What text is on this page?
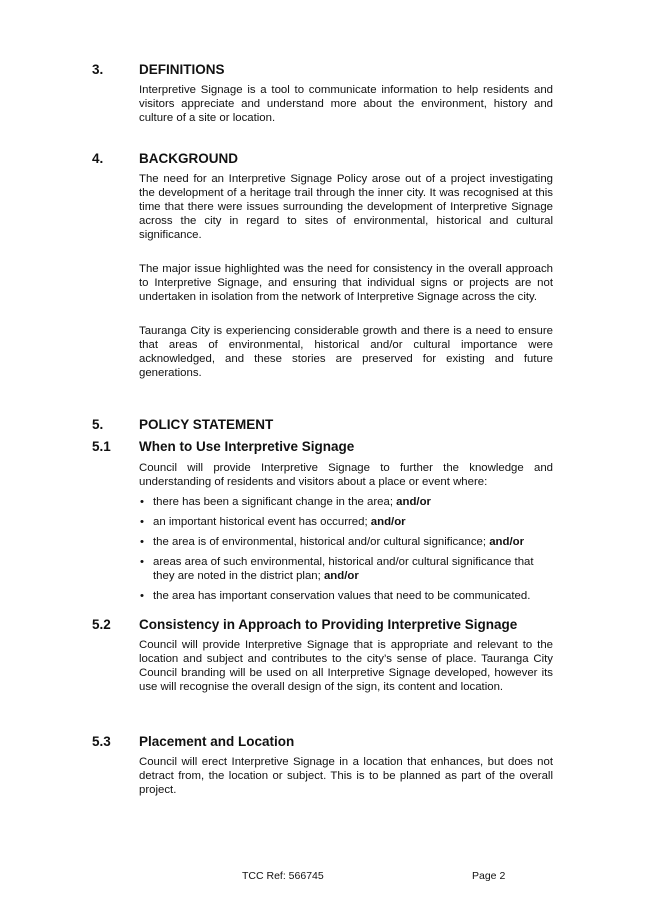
3.	DEFINITIONS

Interpretive Signage is a tool to communicate information to help residents and visitors appreciate and understand more about the environment, history and culture of a site or location.

4.	BACKGROUND

The need for an Interpretive Signage Policy arose out of a project investigating the development of a heritage trail through the inner city. It was recognised at this time that there were issues surrounding the development of Interpretive Signage across the city in regard to sites of environmental, historical and cultural significance.

The major issue highlighted was the need for consistency in the overall approach to Interpretive Signage, and ensuring that individual signs or projects are not undertaken in isolation from the network of Interpretive Signage across the city.

Tauranga City is experiencing considerable growth and there is a need to ensure that areas of environmental, historical and/or cultural importance were acknowledged, and these stories are preserved for existing and future generations.

5.	POLICY STATEMENT
5.1 When to Use Interpretive Signage

Council will provide Interpretive Signage to further the knowledge and understanding of residents and visitors about a place or event where:

• there has been a significant change in the area; and/or
• an important historical event has occurred; and/or
• the area is of environmental, historical and/or cultural significance; and/or
• areas area of such environmental, historical and/or cultural significance that they are noted in the district plan; and/or
• the area has important conservation values that need to be communicated.
5.2 Consistency in Approach to Providing Interpretive Signage

Council will provide Interpretive Signage that is appropriate and relevant to the location and subject and contributes to the city’s sense of place. Tauranga City Council branding will be used on all Interpretive Signage developed, however its use will recognise the overall design of the sign, its content and location.

5.3 Placement and Location

Council will erect Interpretive Signage in a location that enhances, but does not detract from, the location or subject. This is to be planned as part of the overall project.

TCC Ref: 566745	Page 2
